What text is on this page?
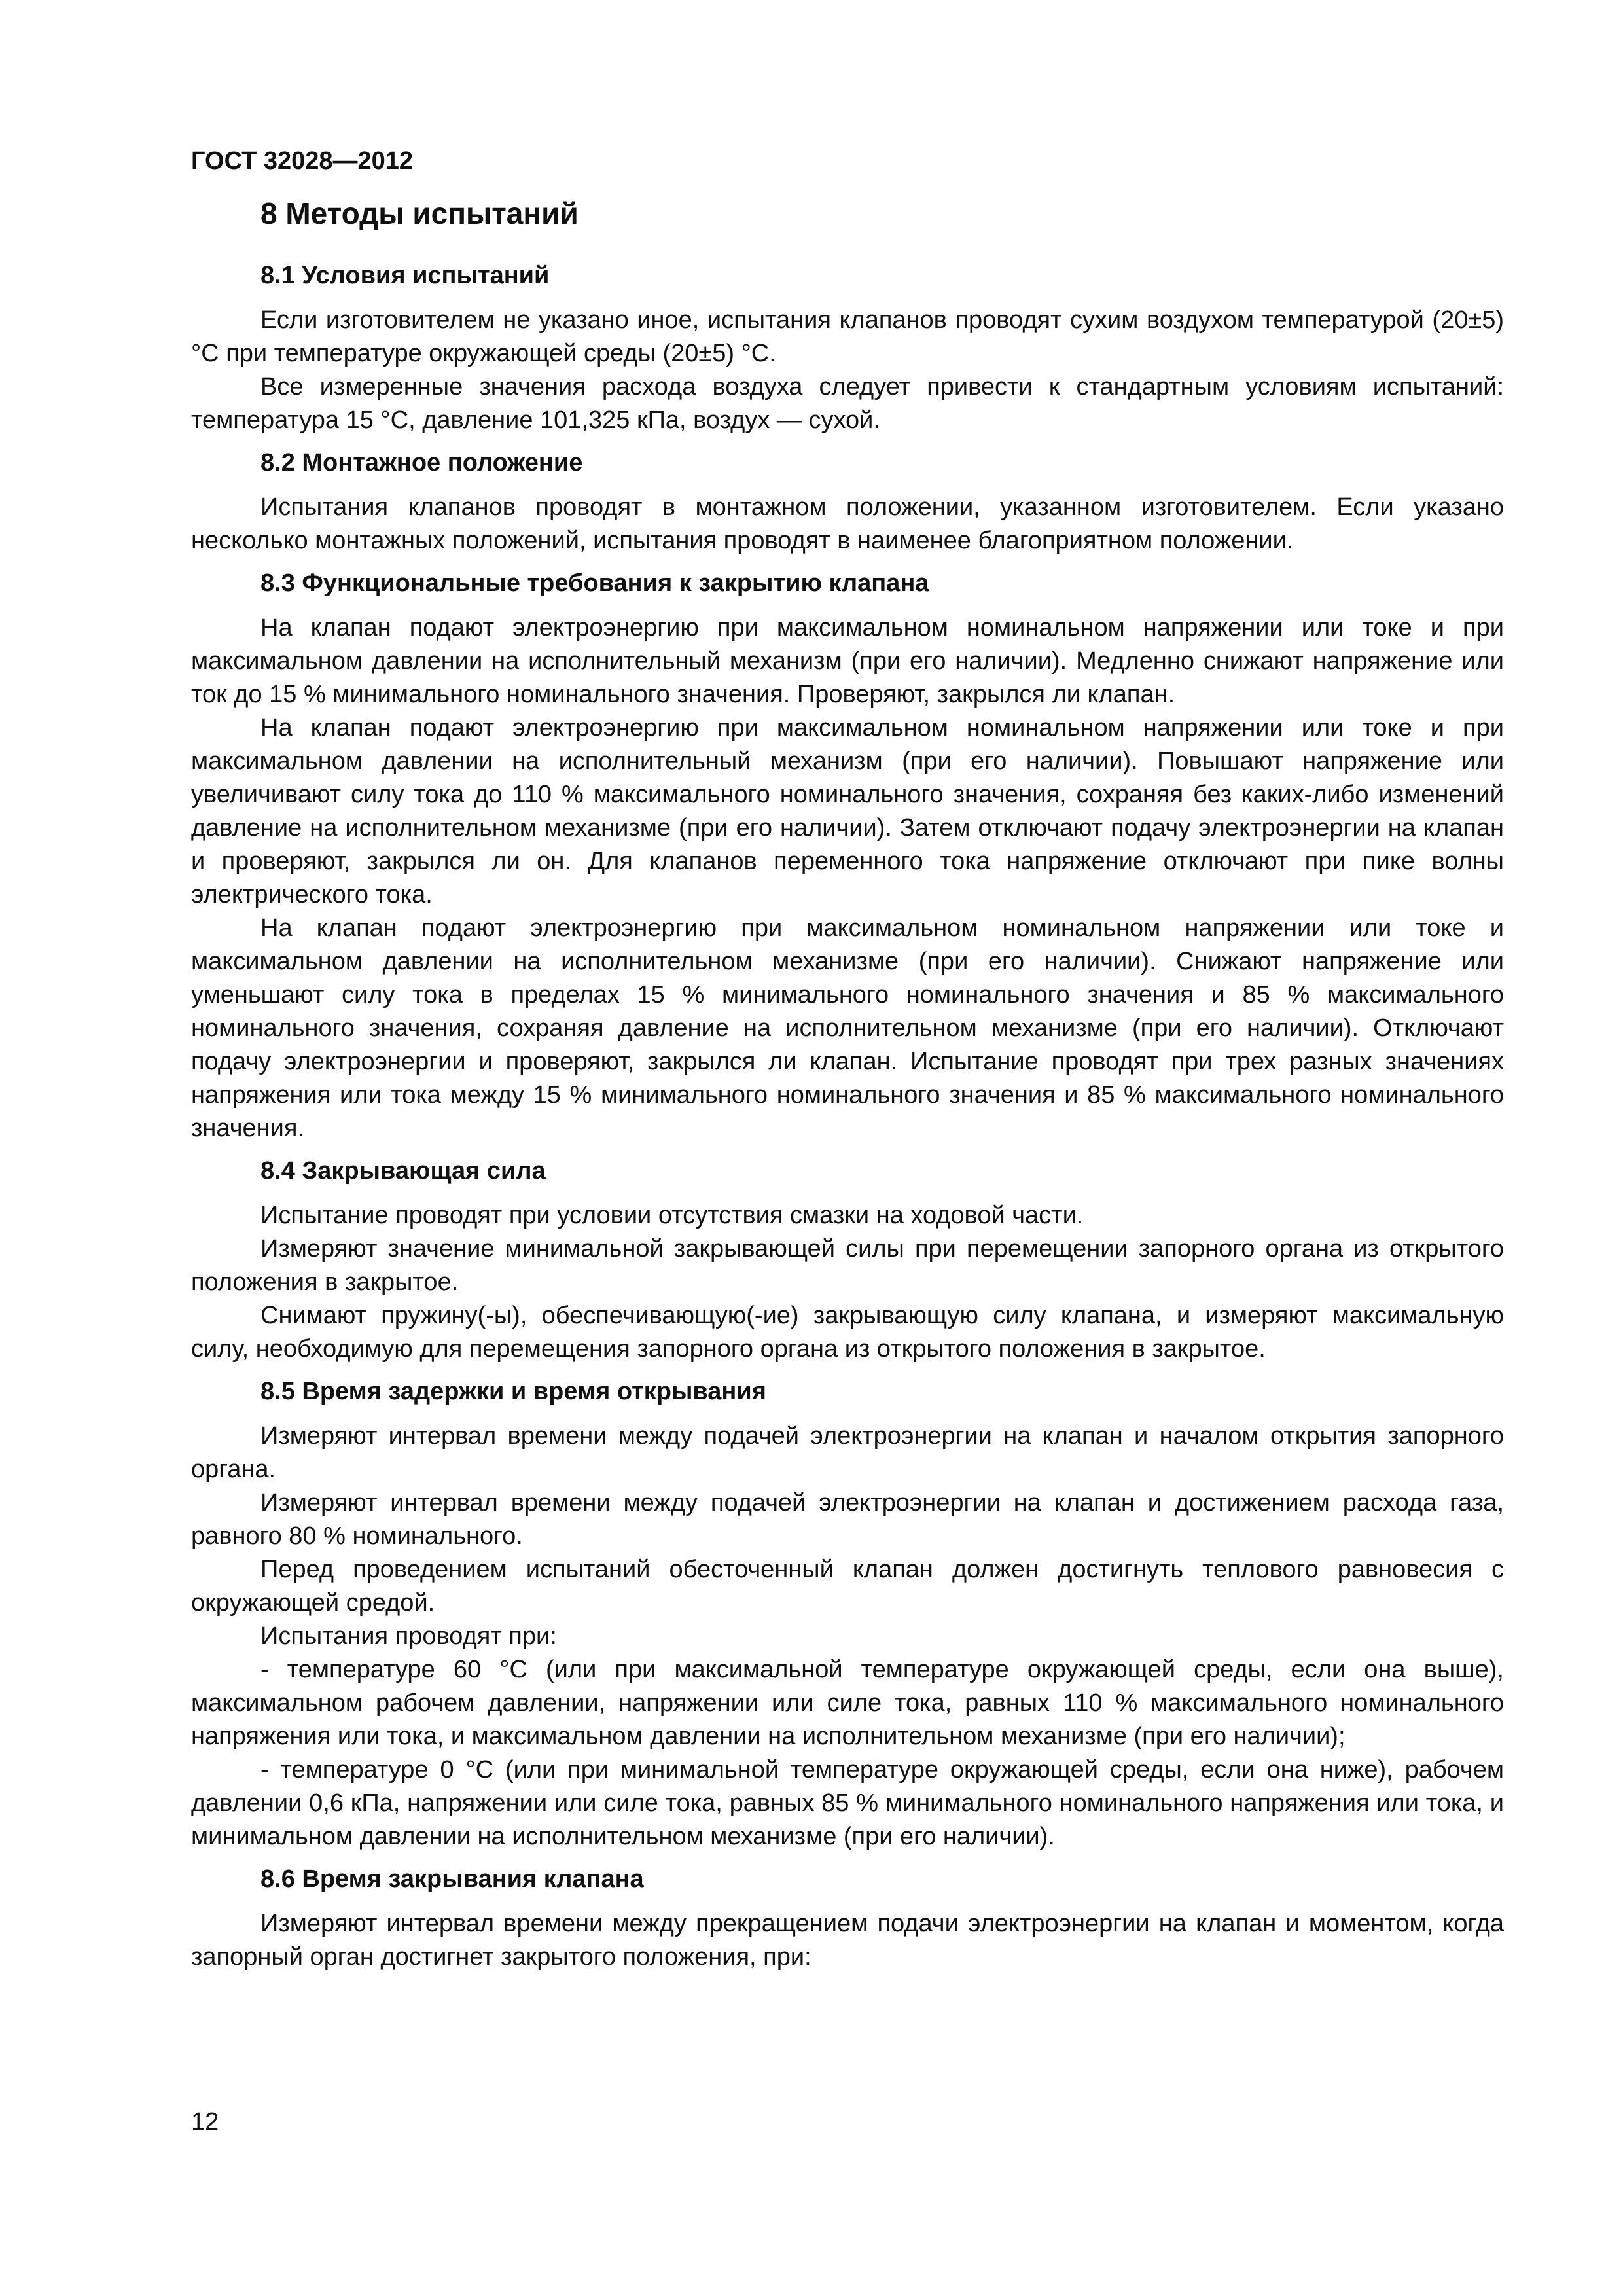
ГОСТ 32028—2012
8 Методы испытаний
8.1 Условия испытаний

Если изготовителем не указано иное, испытания клапанов проводят сухим воздухом температурой (20±5) °C при температуре окружающей среды (20±5) °C.

Все измеренные значения расхода воздуха следует привести к стандартным условиям испытаний: температура 15 °C, давление 101,325 кПа, воздух — сухой.

8.2 Монтажное положение

Испытания клапанов проводят в монтажном положении, указанном изготовителем. Если указано несколько монтажных положений, испытания проводят в наименее благоприятном положении.

8.3 Функциональные требования к закрытию клапана

На клапан подают электроэнергию при максимальном номинальном напряжении или токе и при максимальном давлении на исполнительный механизм (при его наличии). Медленно снижают напряжение или ток до 15 % минимального номинального значения. Проверяют, закрылся ли клапан.

На клапан подают электроэнергию при максимальном номинальном напряжении или токе и при максимальном давлении на исполнительный механизм (при его наличии). Повышают напряжение или увеличивают силу тока до 110 % максимального номинального значения, сохраняя без каких-либо изменений давление на исполнительном механизме (при его наличии). Затем отключают подачу электроэнергии на клапан и проверяют, закрылся ли он. Для клапанов переменного тока напряжение отключают при пике волны электрического тока.

На клапан подают электроэнергию при максимальном номинальном напряжении или токе и максимальном давлении на исполнительном механизме (при его наличии). Снижают напряжение или уменьшают силу тока в пределах 15 % минимального номинального значения и 85 % максимального номинального значения, сохраняя давление на исполнительном механизме (при его наличии). Отключают подачу электроэнергии и проверяют, закрылся ли клапан. Испытание проводят при трех разных значениях напряжения или тока между 15 % минимального номинального значения и 85 % максимального номинального значения.

8.4 Закрывающая сила

Испытание проводят при условии отсутствия смазки на ходовой части.

Измеряют значение минимальной закрывающей силы при перемещении запорного органа из открытого положения в закрытое.

Снимают пружину(-ы), обеспечивающую(-ие) закрывающую силу клапана, и измеряют максимальную силу, необходимую для перемещения запорного органа из открытого положения в закрытое.

8.5 Время задержки и время открывания

Измеряют интервал времени между подачей электроэнергии на клапан и началом открытия запорного органа.

Измеряют интервал времени между подачей электроэнергии на клапан и достижением расхода газа, равного 80 % номинального.

Перед проведением испытаний обесточенный клапан должен достигнуть теплового равновесия с окружающей средой.

Испытания проводят при:

- температуре 60 °C (или при максимальной температуре окружающей среды, если она выше), максимальном рабочем давлении, напряжении или силе тока, равных 110 % максимального номинального напряжения или тока, и максимальном давлении на исполнительном механизме (при его наличии);

- температуре 0 °C (или при минимальной температуре окружающей среды, если она ниже), рабочем давлении 0,6 кПа, напряжении или силе тока, равных 85 % минимального номинального напряжения или тока, и минимальном давлении на исполнительном механизме (при его наличии).

8.6 Время закрывания клапана

Измеряют интервал времени между прекращением подачи электроэнергии на клапан и моментом, когда запорный орган достигнет закрытого положения, при:

12
